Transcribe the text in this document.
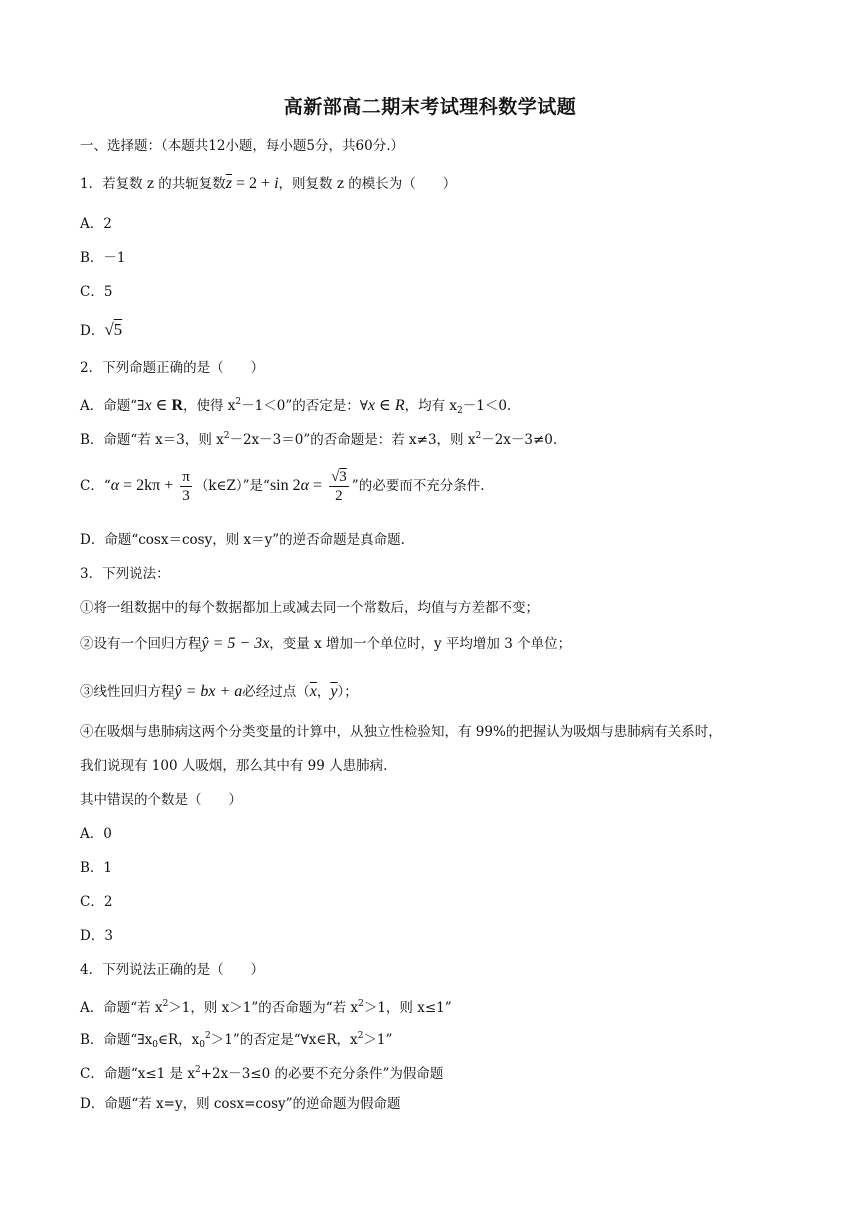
高新部高二期末考试理科数学试题
一、选择题：（本题共12小题，每小题5分，共60分.）
1．若复数 z 的共轭复数$\overline{z} = 2 + i$，则复数 z 的模长为（　　）
A．2
B．－1
C．5
D．√5
2．下列命题正确的是（　　）
A．命题“∃x ∈ R，使得 $x^2-1<0$”的否定是：∀x ∈ R，均有 $x_2-1<0$.
B．命题“若 x＝3，则 $x^2-2x-3=0$”的否命题是：若 x≠3，则 $x^2-2x-3\ne 0$.
C．“$\alpha = 2k\pi + \frac{\pi}{3}$ （k∈Z）”是“sin $2\alpha = \frac{√3}{2}$ ”的必要而不充分条件.
D．命题“cosx＝cosy，则 x＝y”的逆否命题是真命题.
3．下列说法：
①将一组数据中的每个数据都加上或减去同一个常数后，均值与方差都不变；
②设有一个回归方程ŷ = 5 − 3x，变量 x 增加一个单位时，y 平均增加 3 个单位；
③线性回归方程ŷ = bx + a必经过点（$\overline{x}$，$\overline{y}$）；
④在吸烟与患肺病这两个分类变量的计算中，从独立性检验知，有 99%的把握认为吸烟与患肺病有关系时，
我们说现有 100 人吸烟，那么其中有 99 人患肺病.
其中错误的个数是（　　）
A．0
B．1
C．2
D．3
4．下列说法正确的是（　　）
A．命题“若 $x^2>1$，则 x＞1”的否命题为“若 $x^2>1$，则 x≤1”
B．命题“$\exists x_0\in R$，$x_0^2>1$”的否定是“∀x∈R，$x^2>1$”
C．命题“x≤1 是 $x^2+2x-3\le 0$ 的必要不充分条件”为假命题
D．命题“若 x=y，则 cosx=cosy”的逆命题为假命题
